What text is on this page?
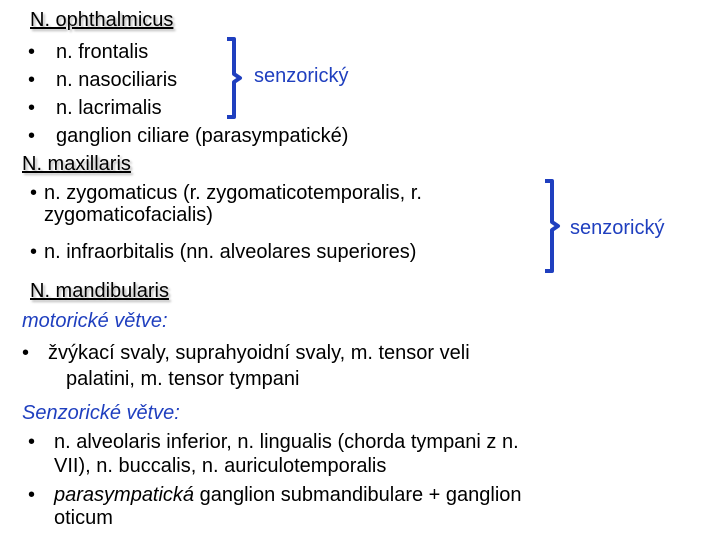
N. ophthalmicus
• n. frontalis
• n. nasociliaris
• n. lacrimalis
• ganglion ciliare (parasympatické)
senzorický
N. maxillaris
• n. zygomaticus (r. zygomaticotemporalis, r.
zygomaticofacialis)
• n. infraorbitalis (nn. alveolares superiores)
senzorický
N. mandibularis
motorické větve:
• žvýkací svaly, suprahyoidní svaly, m. tensor veli
palatini, m. tensor tympani
Senzorické větve:
• n. alveolaris inferior, n. lingualis (chorda tympani z n.
VII), n. buccalis, n. auriculotemporalis
• parasympatická ganglion submandibulare + ganglion
oticum
